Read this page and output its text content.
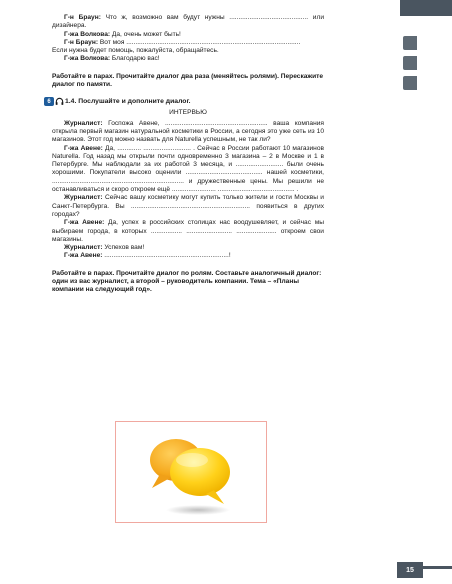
Г-н Браун: Что ж, возможно вам будут нужны ........................................... или дизайнера.

Г-жа Волкова: Да, очень может быть!

Г-н Браун: Вот моя ...............................................................................................

Если нужна будет помощь, пожалуйста, обращайтесь.

Г-жа Волкова: Благодарю вас!

Работайте в парах. Прочитайте диалог два раза (меняйтесь ролями). Перескажите диалог по памяти.

6	1.4. Послушайте и дополните диалог.

ИНТЕРВЬЮ

Журналист: Госпожа Авене, ........................................................ ваша компания открыла первый магазин натуральной косметики в России, а сегодня это уже сеть из 10 магазинов. Этот год можно назвать для Naturella успешным, не так ли?

Г-жа Авене: Да, ............. .......................... . Сейчас в России работают 10 магазинов Naturella. Год назад мы открыли почти одновременно 3 магазина – 2 в Москве и 1 в Петербурге. Мы наблюдали за их работой 3 месяца, и .......................... были очень хорошими. Покупатели высоко оценили .......................................... нашей косметики, ........................................................................ и дружественные цены. Мы решили не останавливаться и скоро откроем ещё ........................ .......................................... .

Журналист: Сейчас вашу косметику могут купить только жители и гости Москвы и Санкт-Петербурга. Вы ................................................................. появиться в других городах?

Г-жа Авене: Да, успех в российских столицах нас воодушевляет, и сейчас мы выбираем города, в которых ................. ......................... ...................... откроем свои магазины.

Журналист: Успехов вам!

Г-жа Авене: ....................................................................!

Работайте в парах. Прочитайте диалог по ролям. Составьте аналогичный диалог: один из вас журналист, а второй – руководитель компании. Тема – «Планы компании на следующий год».

15
